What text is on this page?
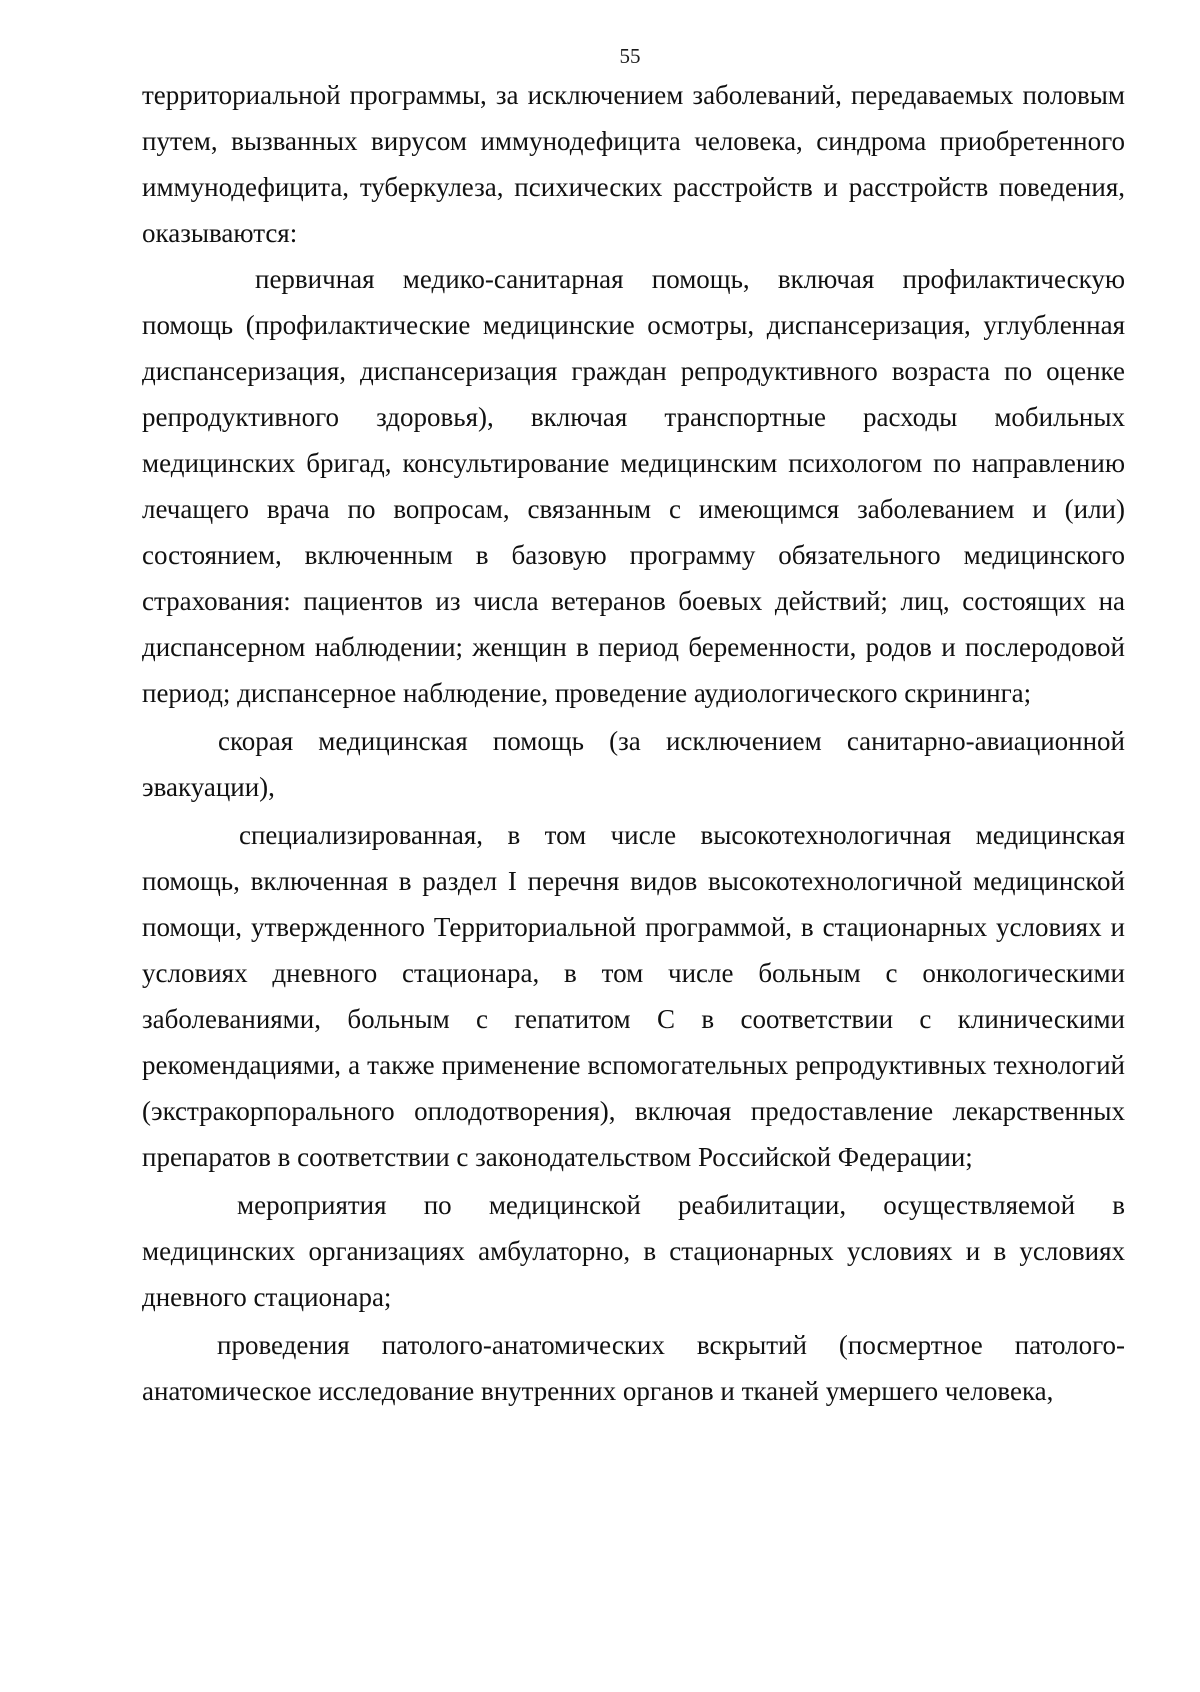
55

территориальной программы, за исключением заболеваний, передаваемых половым путем, вызванных вирусом иммунодефицита человека, синдрома приобретенного иммунодефицита, туберкулеза, психических расстройств и расстройств поведения, оказываются:

первичная медико-санитарная помощь, включая профилактическую помощь (профилактические медицинские осмотры, диспансеризация, углубленная диспансеризация, диспансеризация граждан репродуктивного возраста по оценке репродуктивного здоровья), включая транспортные расходы мобильных медицинских бригад, консультирование медицинским психологом по направлению лечащего врача по вопросам, связанным с имеющимся заболеванием и (или) состоянием, включенным в базовую программу обязательного медицинского страхования: пациентов из числа ветеранов боевых действий; лиц, состоящих на диспансерном наблюдении; женщин в период беременности, родов и послеродовой период; диспансерное наблюдение, проведение аудиологического скрининга;

скорая медицинская помощь (за исключением санитарно-авиационной эвакуации),

специализированная, в том числе высокотехнологичная медицинская помощь, включенная в раздел I перечня видов высокотехнологичной медицинской помощи, утвержденного Территориальной программой, в стационарных условиях и условиях дневного стационара, в том числе больным с онкологическими заболеваниями, больным с гепатитом С в соответствии с клиническими рекомендациями, а также применение вспомогательных репродуктивных технологий (экстракорпорального оплодотворения), включая предоставление лекарственных препаратов в соответствии с законодательством Российской Федерации;

мероприятия по медицинской реабилитации, осуществляемой в медицинских организациях амбулаторно, в стационарных условиях и в условиях дневного стационара;

проведения патолого-анатомических вскрытий (посмертное патолого-анатомическое исследование внутренних органов и тканей умершего человека,
